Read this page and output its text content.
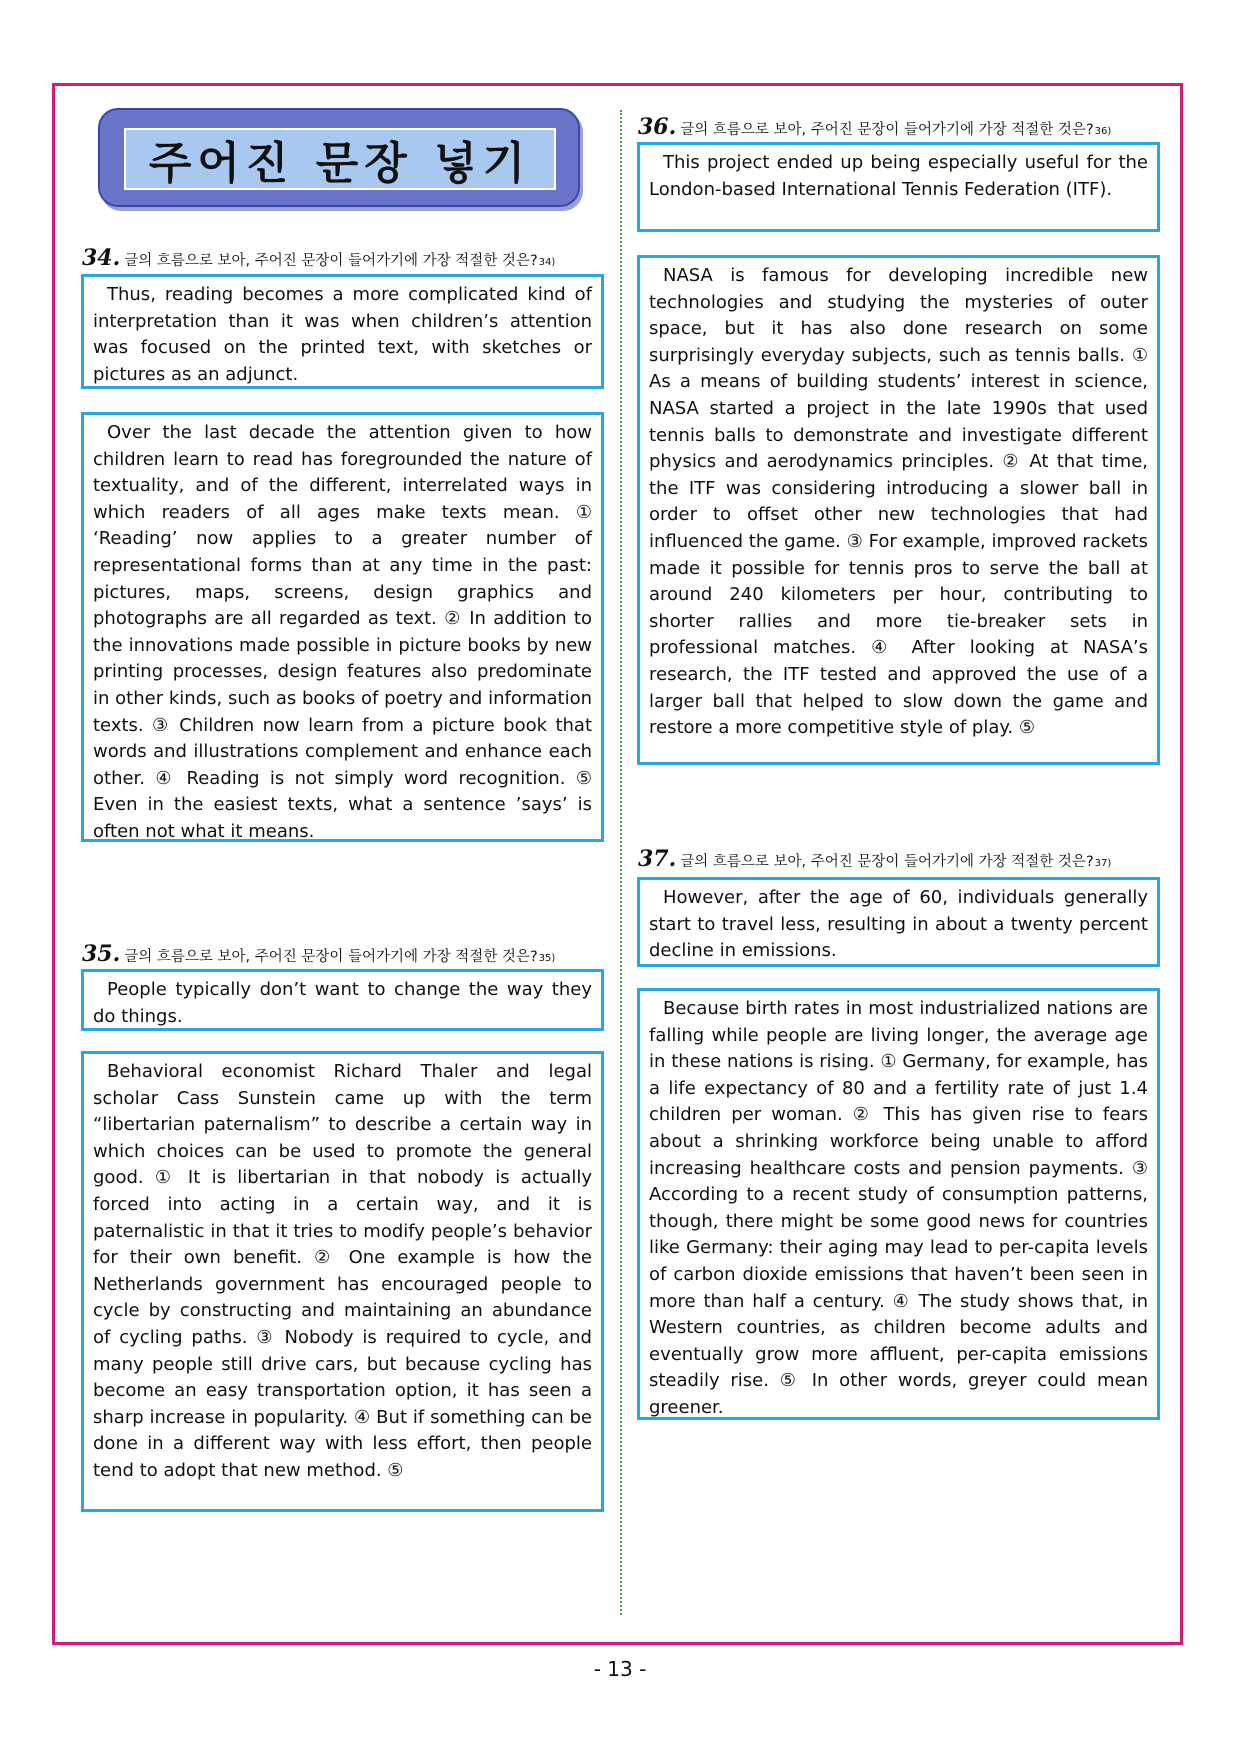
주어진 문장 넣기
34. 글의 흐름으로 보아, 주어진 문장이 들어가기에 가장 적절한 것은? 34)

Thus, reading becomes a more complicated kind of interpretation than it was when children’s attention was focused on the printed text, with sketches or pictures as an adjunct.

Over the last decade the attention given to how children learn to read has foregrounded the nature of textuality, and of the different, interrelated ways in which readers of all ages make texts mean. ① ‘Reading’ now applies to a greater number of representational forms than at any time in the past: pictures, maps, screens, design graphics and photographs are all regarded as text. ② In addition to the innovations made possible in picture books by new printing processes, design features also predominate in other kinds, such as books of poetry and information texts. ③ Children now learn from a picture book that words and illustrations complement and enhance each other. ④ Reading is not simply word recognition. ⑤ Even in the easiest texts, what a sentence ’says’ is often not what it means.

35. 글의 흐름으로 보아, 주어진 문장이 들어가기에 가장 적절한 것은? 35)

People typically don’t want to change the way they do things.

Behavioral economist Richard Thaler and legal scholar Cass Sunstein came up with the term “libertarian paternalism” to describe a certain way in which choices can be used to promote the general good. ① It is libertarian in that nobody is actually forced into acting in a certain way, and it is paternalistic in that it tries to modify people’s behavior for their own benefit. ② One example is how the Netherlands government has encouraged people to cycle by constructing and maintaining an abundance of cycling paths. ③ Nobody is required to cycle, and many people still drive cars, but because cycling has become an easy transportation option, it has seen a sharp increase in popularity. ④ But if something can be done in a different way with less effort, then people tend to adopt that new method. ⑤

36. 글의 흐름으로 보아, 주어진 문장이 들어가기에 가장 적절한 것은? 36)

This project ended up being especially useful for the London-based International Tennis Federation (ITF).

NASA is famous for developing incredible new technologies and studying the mysteries of outer space, but it has also done research on some surprisingly everyday subjects, such as tennis balls. ① As a means of building students’ interest in science, NASA started a project in the late 1990s that used tennis balls to demonstrate and investigate different physics and aerodynamics principles. ② At that time, the ITF was considering introducing a slower ball in order to offset other new technologies that had influenced the game. ③ For example, improved rackets made it possible for tennis pros to serve the ball at around 240 kilometers per hour, contributing to shorter rallies and more tie-breaker sets in professional matches. ④ After looking at NASA’s research, the ITF tested and approved the use of a larger ball that helped to slow down the game and restore a more competitive style of play. ⑤

37. 글의 흐름으로 보아, 주어진 문장이 들어가기에 가장 적절한 것은? 37)

However, after the age of 60, individuals generally start to travel less, resulting in about a twenty percent decline in emissions.

Because birth rates in most industrialized nations are falling while people are living longer, the average age in these nations is rising. ① Germany, for example, has a life expectancy of 80 and a fertility rate of just 1.4 children per woman. ② This has given rise to fears about a shrinking workforce being unable to afford increasing healthcare costs and pension payments. ③ According to a recent study of consumption patterns, though, there might be some good news for countries like Germany: their aging may lead to per-capita levels of carbon dioxide emissions that haven’t been seen in more than half a century. ④ The study shows that, in Western countries, as children become adults and eventually grow more affluent, per-capita emissions steadily rise. ⑤ In other words, greyer could mean greener.

- 13 -
